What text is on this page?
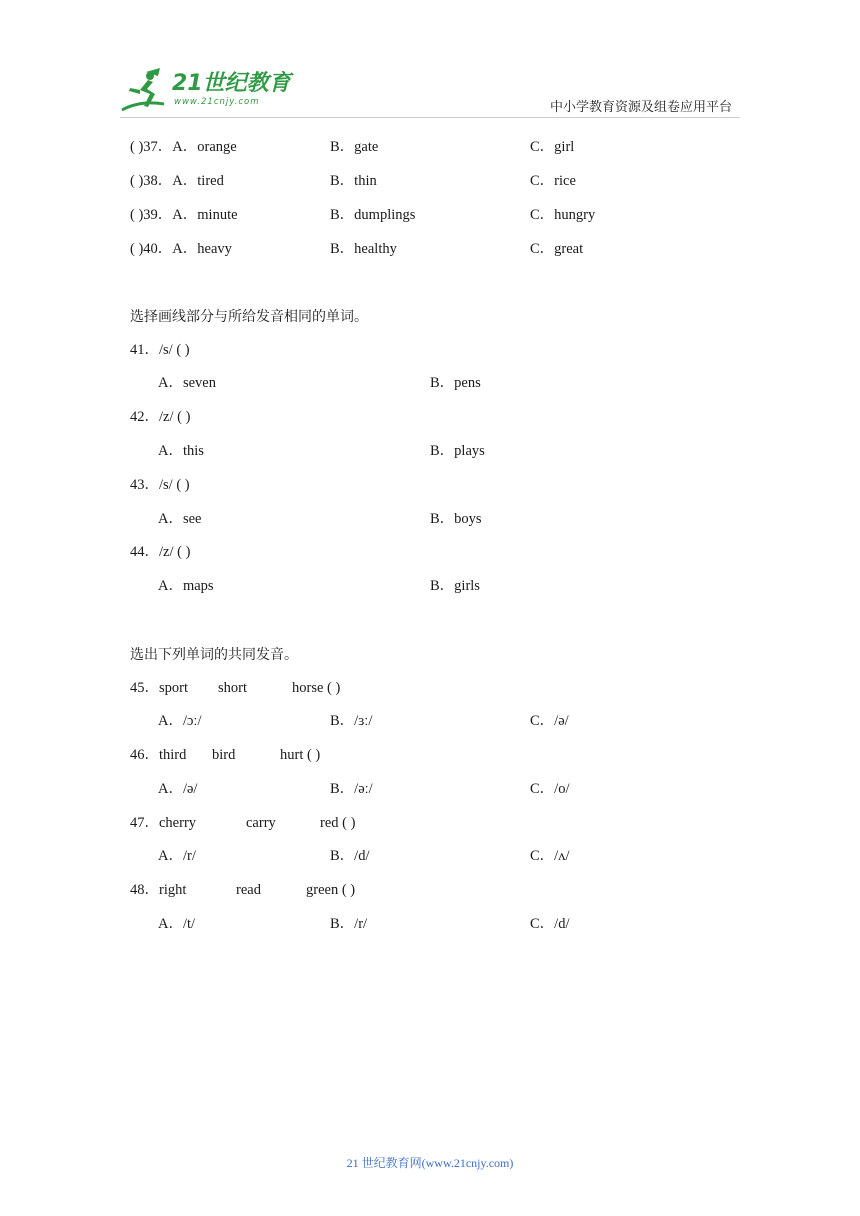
21世纪教育
www.21cnjy.com	中小学教育资源及组卷应用平台
( )37．A．orange	B．gate	C．girl
( )38．A．tired	B．thin	C．rice
( )39．A．minute	B．dumplings	C．hungry
( )40．A．heavy	B．healthy	C．great
选择画线部分与所给发音相同的单词。
41．/s/ ( )
A．seven	B．pens
42．/z/ ( )
A．this	B．plays
43．/s/ ( )
A．see	B．boys
44．/z/ ( )
A．maps	B．girls
选出下列单词的共同发音。
45．sport short	horse ( )
A．/ɔː/	B．/ɜː/	C．/ə/
46．third bird	hurt ( )
A．/ə/	B．/əː/	C．/o/
47．cherry	carry	red ( )
A．/r/	B．/d/	C．/ʌ/
48．right	read	green ( )
A．/t/	B．/r/	C．/d/
21 世纪教育网(www.21cnjy.com)
